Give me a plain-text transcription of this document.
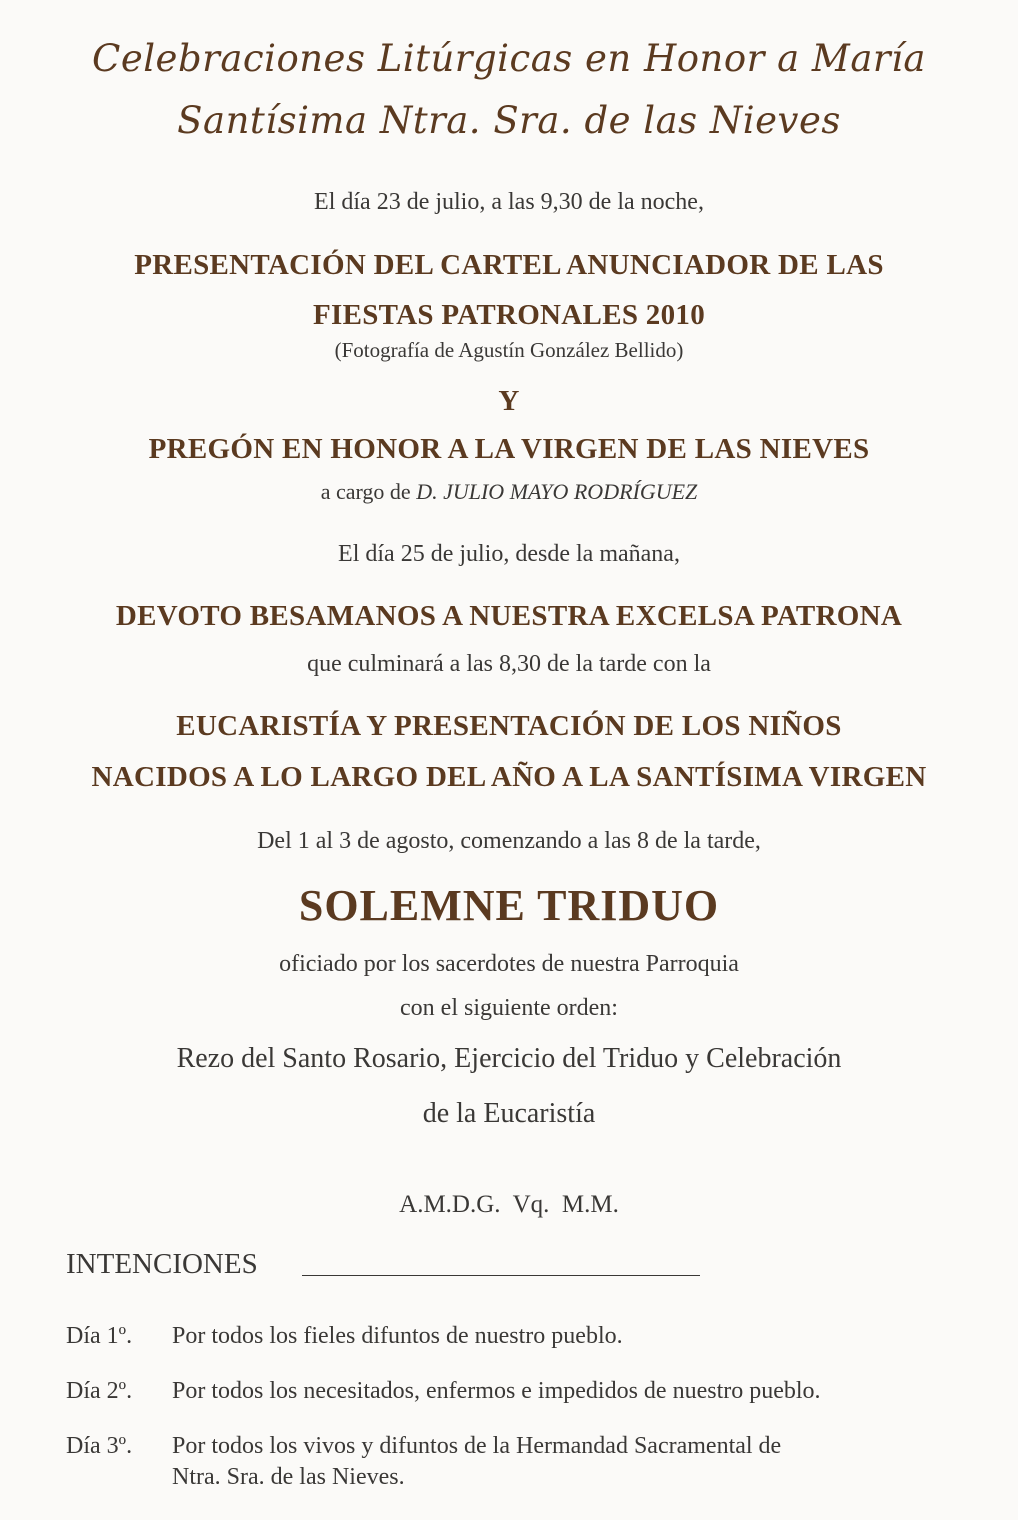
Celebraciones Litúrgicas en Honor a María
Santísima Ntra. Sra. de las Nieves
El día 23 de julio, a las 9,30 de la noche,
PRESENTACIÓN DEL CARTEL ANUNCIADOR DE LAS
FIESTAS PATRONALES 2010
(Fotografía de Agustín González Bellido)
Y
PREGÓN EN HONOR A LA VIRGEN DE LAS NIEVES
a cargo de D. JULIO MAYO RODRÍGUEZ
El día 25 de julio, desde la mañana,
DEVOTO BESAMANOS A NUESTRA EXCELSA PATRONA
que culminará a las 8,30 de la tarde con la
EUCARISTÍA Y PRESENTACIÓN DE LOS NIÑOS
NACIDOS A LO LARGO DEL AÑO A LA SANTÍSIMA VIRGEN
Del 1 al 3 de agosto, comenzando a las 8 de la tarde,
SOLEMNE TRIDUO
oficiado por los sacerdotes de nuestra Parroquia
con el siguiente orden:
Rezo del Santo Rosario, Ejercicio del Triduo y Celebración
de la Eucaristía
A.M.D.G.  Vq.  M.M.
INTENCIONES
Día 1º. Por todos los fieles difuntos de nuestro pueblo.
Día 2º. Por todos los necesitados, enfermos e impedidos de nuestro pueblo.
Día 3º. Por todos los vivos y difuntos de la Hermandad Sacramental de
Ntra. Sra. de las Nieves.
